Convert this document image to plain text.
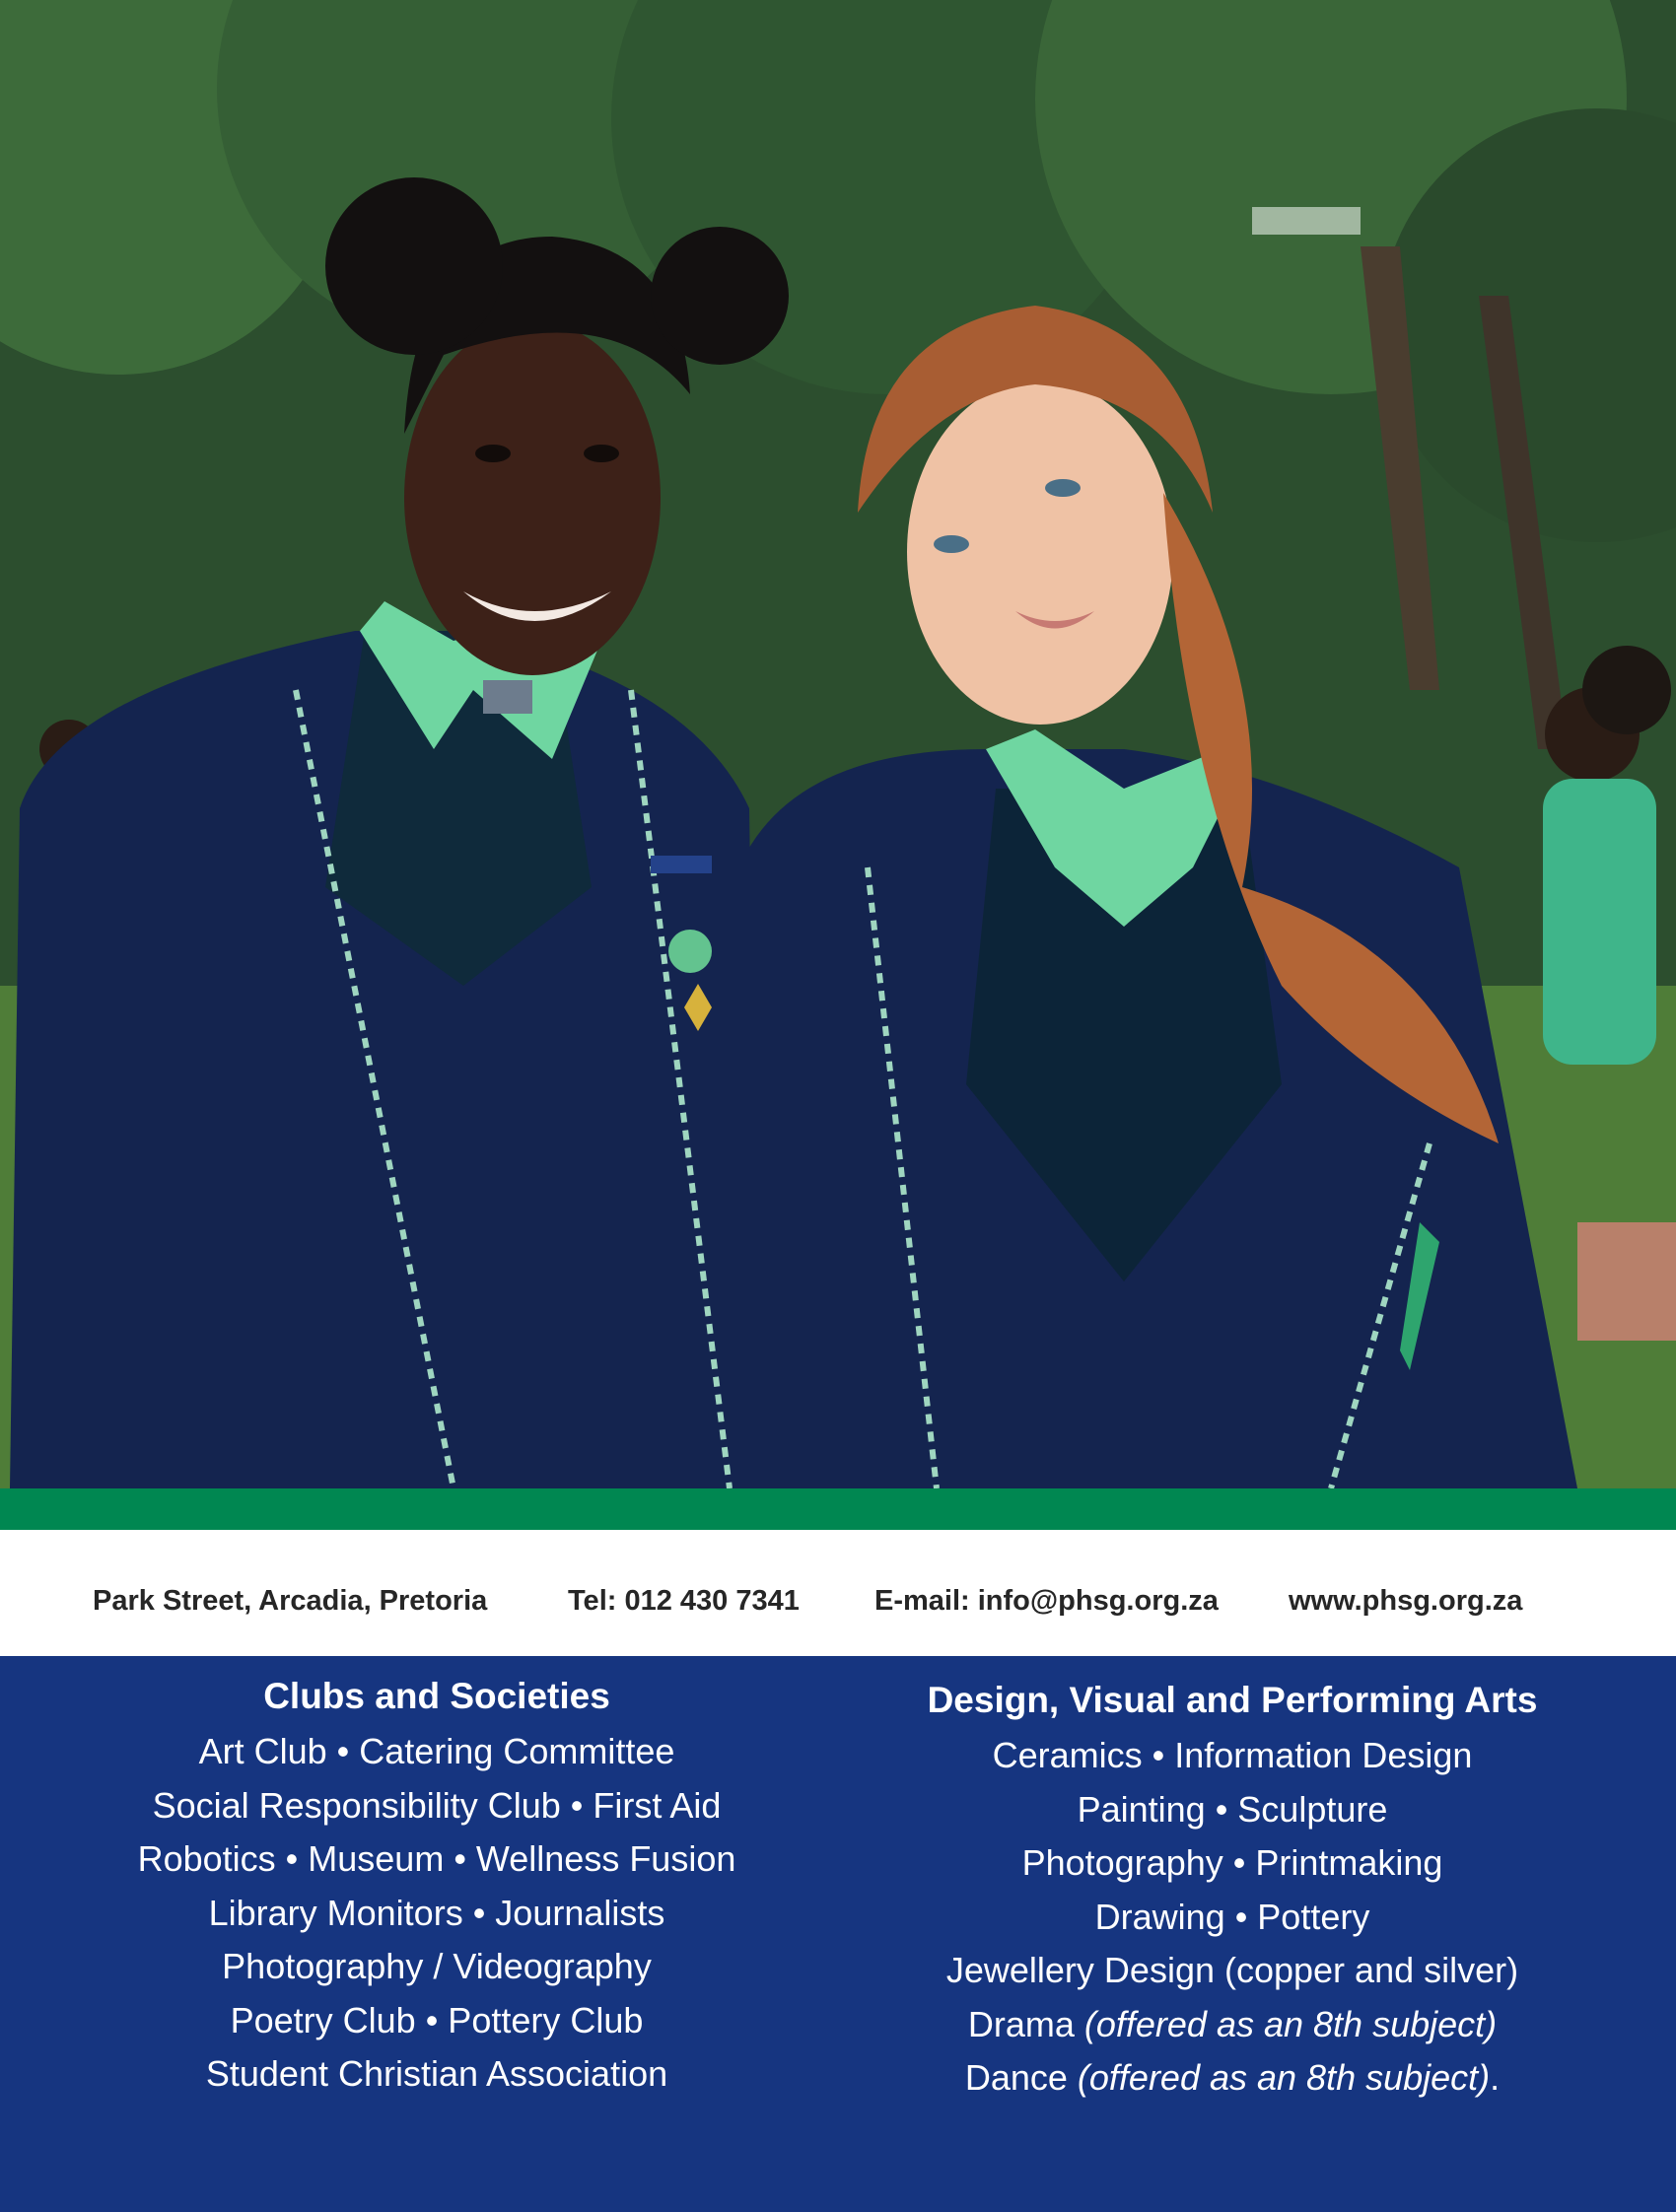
Park Street, Arcadia, Pretoria	Tel: 012 430 7341	E-mail: info@phsg.org.za www.phsg.org.za
Clubs and Societies
Art Club • Catering Committee
Social Responsibility Club • First Aid
Robotics • Museum • Wellness Fusion
Library Monitors • Journalists
Photography / Videography
Poetry Club • Pottery Club
Student Christian Association
Design, Visual and Performing Arts
Ceramics • Information Design
Painting • Sculpture
Photography • Printmaking
Drawing • Pottery
Jewellery Design (copper and silver)
Drama (offered as an 8th subject)
Dance (offered as an 8th subject).
